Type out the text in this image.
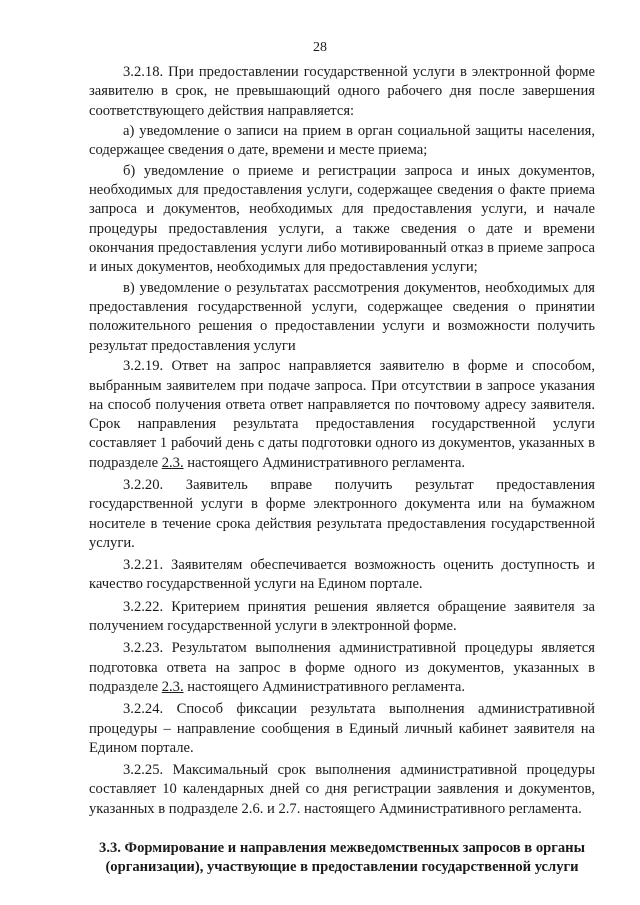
28

3.2.18. При предоставлении государственной услуги в электронной форме заявителю в срок, не превышающий одного рабочего дня после завершения соответствующего действия направляется:

а) уведомление о записи на прием в орган социальной защиты населения, содержащее сведения о дате, времени и месте приема;

б) уведомление о приеме и регистрации запроса и иных документов, необходимых для предоставления услуги, содержащее сведения о факте приема запроса и документов, необходимых для предоставления услуги, и начале процедуры предоставления услуги, а также сведения о дате и времени окончания предоставления услуги либо мотивированный отказ в приеме запроса и иных документов, необходимых для предоставления услуги;

в) уведомление о результатах рассмотрения документов, необходимых для предоставления государственной услуги, содержащее сведения о принятии положительного решения о предоставлении услуги и возможности получить результат предоставления услуги

3.2.19. Ответ на запрос направляется заявителю в форме и способом, выбранным заявителем при подаче запроса. При отсутствии в запросе указания на способ получения ответа ответ направляется по почтовому адресу заявителя. Срок направления результата предоставления государственной услуги составляет 1 рабочий день с даты подготовки одного из документов, указанных в подразделе 2.3. настоящего Административного регламента.

3.2.20. Заявитель вправе получить результат предоставления государственной услуги в форме электронного документа или на бумажном носителе в течение срока действия результата предоставления государственной услуги.

3.2.21. Заявителям обеспечивается возможность оценить доступность и качество государственной услуги на Едином портале.

3.2.22. Критерием принятия решения является обращение заявителя за получением государственной услуги в электронной форме.

3.2.23. Результатом выполнения административной процедуры является подготовка ответа на запрос в форме одного из документов, указанных в подразделе 2.3. настоящего Административного регламента.

3.2.24. Способ фиксации результата выполнения административной процедуры – направление сообщения в Единый личный кабинет заявителя на Едином портале.

3.2.25. Максимальный срок выполнения административной процедуры составляет 10 календарных дней со дня регистрации заявления и документов, указанных в подразделе 2.6. и 2.7. настоящего Административного регламента.

3.3. Формирование и направления межведомственных запросов в органы (организации), участвующие в предоставлении государственной услуги
